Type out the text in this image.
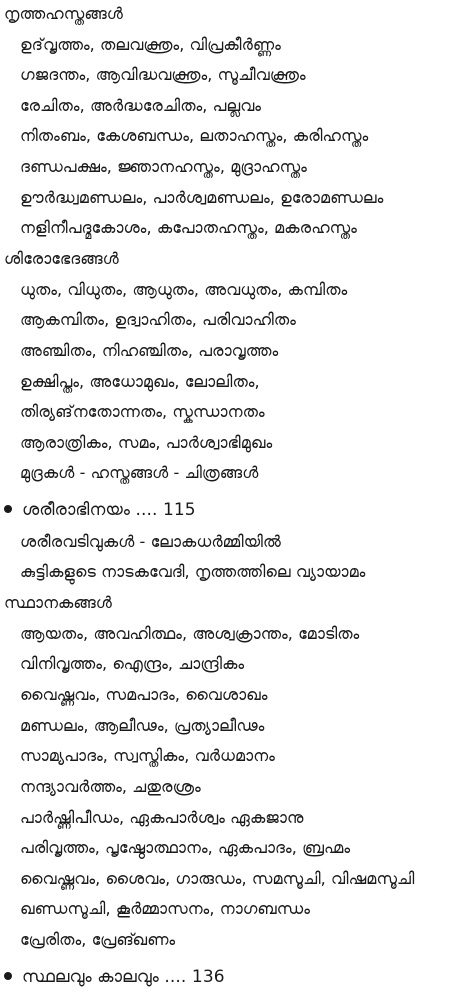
നൃത്തഹസ്തങ്ങൾ
ഉദ്‌വൃത്തം, തലവക്ത്രം, വിപ്രകീർണ്ണം
ഗജദന്തം, ആവിദ്ധവക്ത്രം, സൂചീവക്ത്രം
രേചിതം, അർദ്ധരേചിതം, പല്ലവം
നിതംബം, കേശബന്ധം, ലതാഹസ്തം, കരിഹസ്തം
ദണ്ഡപക്ഷം, ജ്ഞാനഹസ്തം, മുദ്രാഹസ്തം
ഊർദ്ധ്വമണ്ഡലം, പാർശ്വമണ്ഡലം, ഉരോമണ്ഡലം
നളിനീപദ്മകോശം, കപോതഹസ്തം, മകരഹസ്തം
ശിരോഭേദങ്ങൾ
ധുതം, വിധുതം, ആധുതം, അവധുതം, കമ്പിതം
ആകമ്പിതം, ഉദ്വാഹിതം, പരിവാഹിതം
അഞ്ചിതം, നിഹഞ്ചിതം, പരാവൃത്തം
ഉക്ഷിപ്തം, അധോമുഖം, ലോലിതം,
തിര്യങ്‌നതോന്നതം, സ്കന്ധാനതം
ആരാത്രികം, സമം, പാർശ്വാഭിമുഖം
മുദ്രകൾ - ഹസ്തങ്ങൾ - ചിത്രങ്ങൾ
ശരീരാഭിനയം .... 115
ശരീരവടിവുകൾ - ലോകധർമ്മിയിൽ
കുട്ടികളുടെ നാടകവേദി, നൃത്തത്തിലെ വ്യായാമം
സ്ഥാനകങ്ങൾ
ആയതം, അവഹിത്ഥം, അശ്വക്രാന്തം, മോടിതം
വിനിവൃത്തം, ഐന്ദ്രം, ചാന്ദ്രികം
വൈഷ്ണവം, സമപാദം, വൈശാഖം
മണ്ഡലം, ആലീഢം, പ്രത്യാലീഢം
സാമ്യപാദം, സ്വസ്തികം, വർധമാനം
നന്ദ്യാവർത്തം, ചതുരശ്രം
പാർഷ്ണിപീഡം, ഏകപാർശ്വം ഏകജാനു
പരിവൃത്തം, പൃഷ്ഠോത്ഥാനം, ഏകപാദം, ബ്രഹ്മം
വൈഷ്ണവം, ശൈവം, ഗാരുഡം, സമസൂചി, വിഷമസൂചി
ഖണ്ഡസൂചി, കൂർമ്മാസനം, നാഗബന്ധം
പ്രേരിതം, പ്രേങ്ഖണം
സ്ഥലവും കാലവും .... 136
